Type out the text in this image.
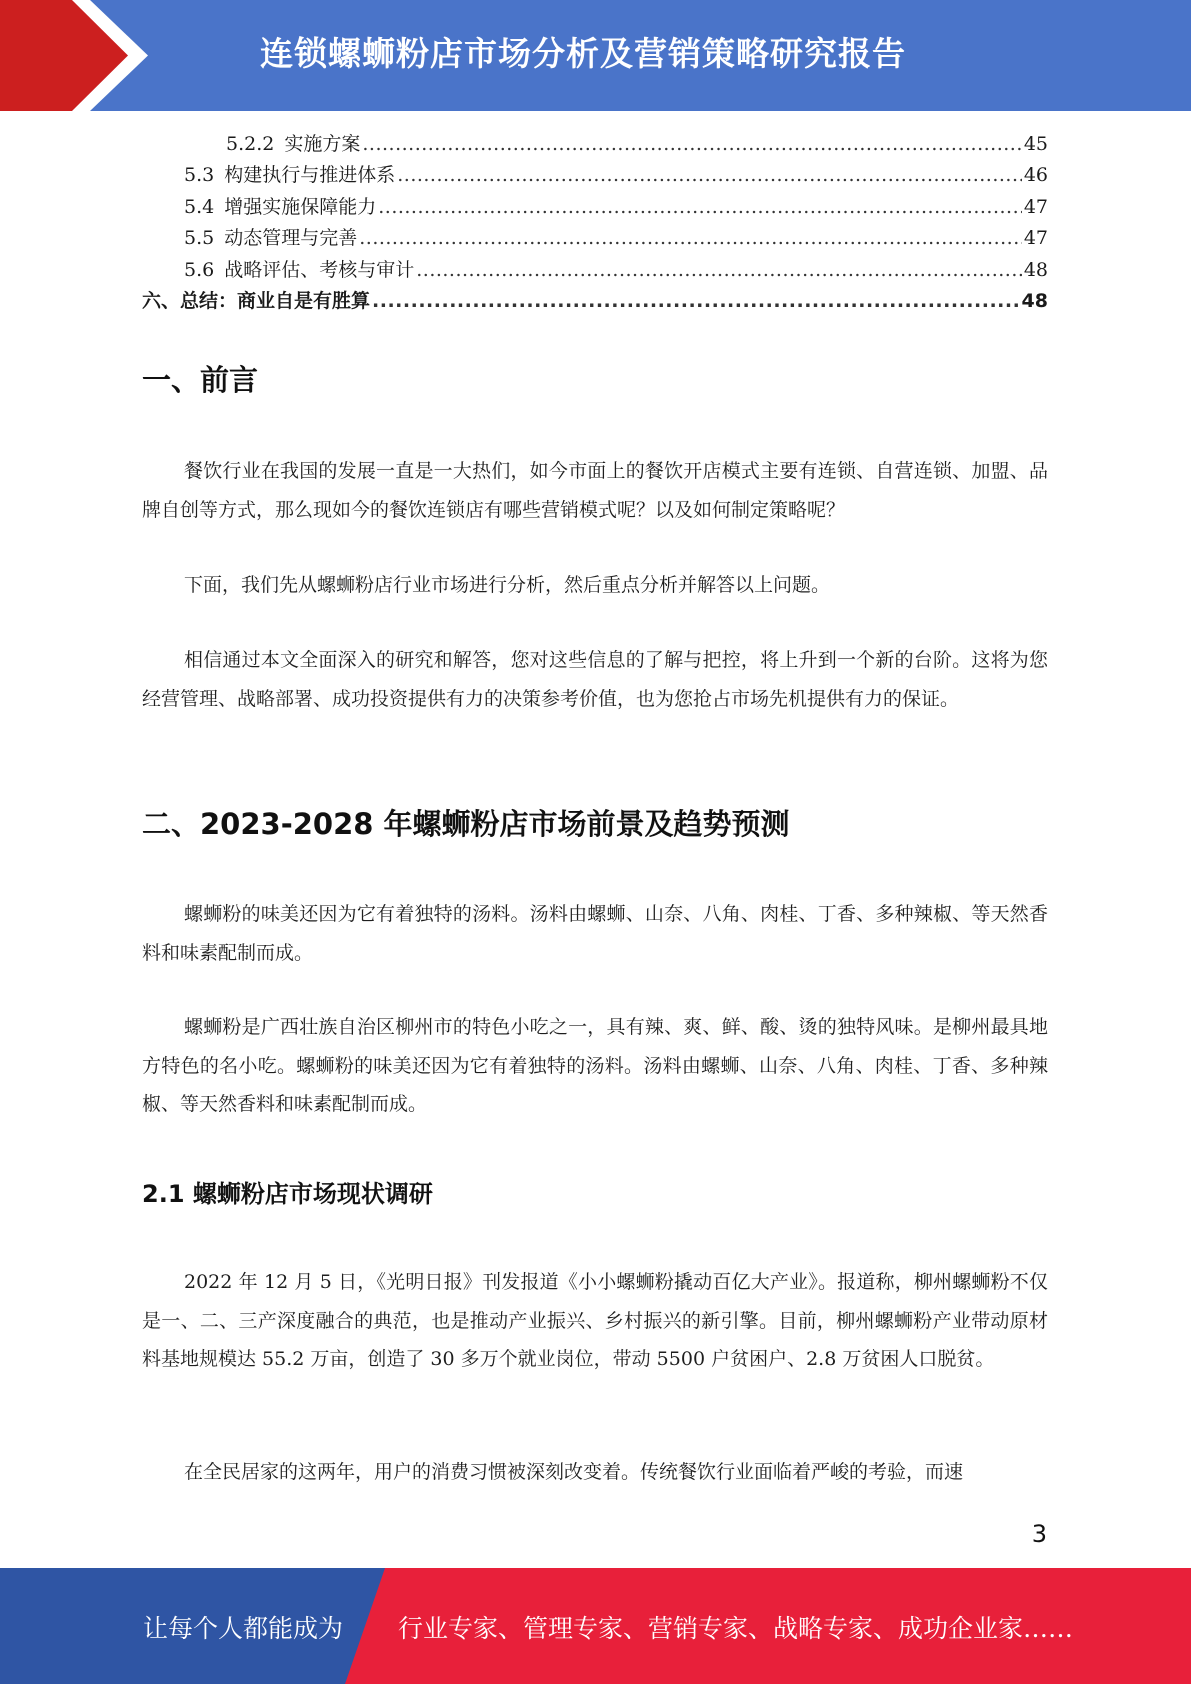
连锁螺蛳粉店市场分析及营销策略研究报告
5.2.2 实施方案 .....	45
5.3 构建执行与推进体系 .....	46
5.4 增强实施保障能力 .....	47
5.5 动态管理与完善 .....	47
5.6 战略评估、考核与审计 .....	48
六、总结：商业自是有胜算 .....	48
一、前言

餐饮行业在我国的发展一直是一大热们，如今市面上的餐饮开店模式主要有连锁、自营连锁、加盟、品牌自创等方式，那么现如今的餐饮连锁店有哪些营销模式呢？以及如何制定策略呢？

下面，我们先从螺蛳粉店行业市场进行分析，然后重点分析并解答以上问题。

相信通过本文全面深入的研究和解答，您对这些信息的了解与把控，将上升到一个新的台阶。这将为您经营管理、战略部署、成功投资提供有力的决策参考价值，也为您抢占市场先机提供有力的保证。

二、2023-2028 年螺蛳粉店市场前景及趋势预测

螺蛳粉的味美还因为它有着独特的汤料。汤料由螺蛳、山奈、八角、肉桂、丁香、多种辣椒、等天然香料和味素配制而成。

螺蛳粉是广西壮族自治区柳州市的特色小吃之一，具有辣、爽、鲜、酸、烫的独特风味。是柳州最具地方特色的名小吃。螺蛳粉的味美还因为它有着独特的汤料。汤料由螺蛳、山奈、八角、肉桂、丁香、多种辣椒、等天然香料和味素配制而成。

2.1 螺蛳粉店市场现状调研

2022 年 12 月 5 日，《光明日报》刊发报道《小小螺蛳粉撬动百亿大产业》。报道称，柳州螺蛳粉不仅是一、二、三产深度融合的典范，也是推动产业振兴、乡村振兴的新引擎。目前，柳州螺蛳粉产业带动原材料基地规模达 55.2 万亩，创造了 30 多万个就业岗位，带动 5500 户贫困户、2.8 万贫困人口脱贫。

在全民居家的这两年，用户的消费习惯被深刻改变着。传统餐饮行业面临着严峻的考验，而速

3
让每个人都能成为 行业专家、管理专家、营销专家、战略专家、成功企业家……
